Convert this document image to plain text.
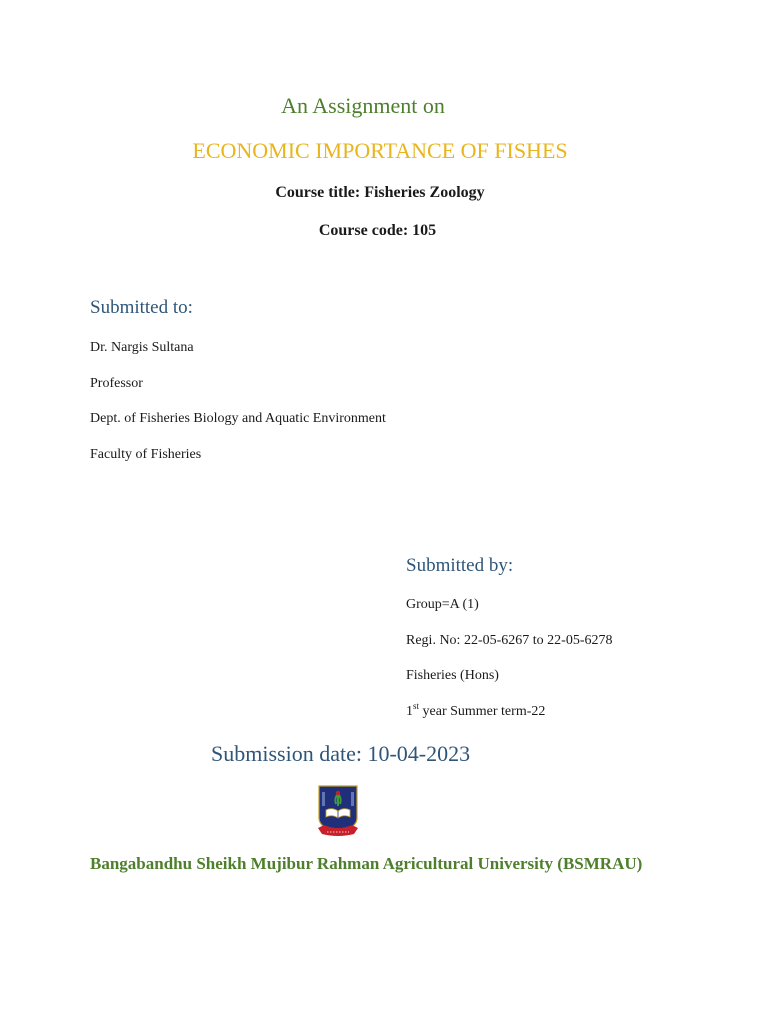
An Assignment on
ECONOMIC IMPORTANCE OF FISHES
Course title: Fisheries Zoology
Course code: 105
Submitted to:
Dr. Nargis Sultana
Professor
Dept. of Fisheries Biology and Aquatic Environment
Faculty of Fisheries
Submitted by:
Group=A (1)
Regi. No: 22-05-6267 to 22-05-6278
Fisheries (Hons)
1st year Summer term-22
Submission date: 10-04-2023
Bangabandhu Sheikh Mujibur Rahman Agricultural University (BSMRAU)
